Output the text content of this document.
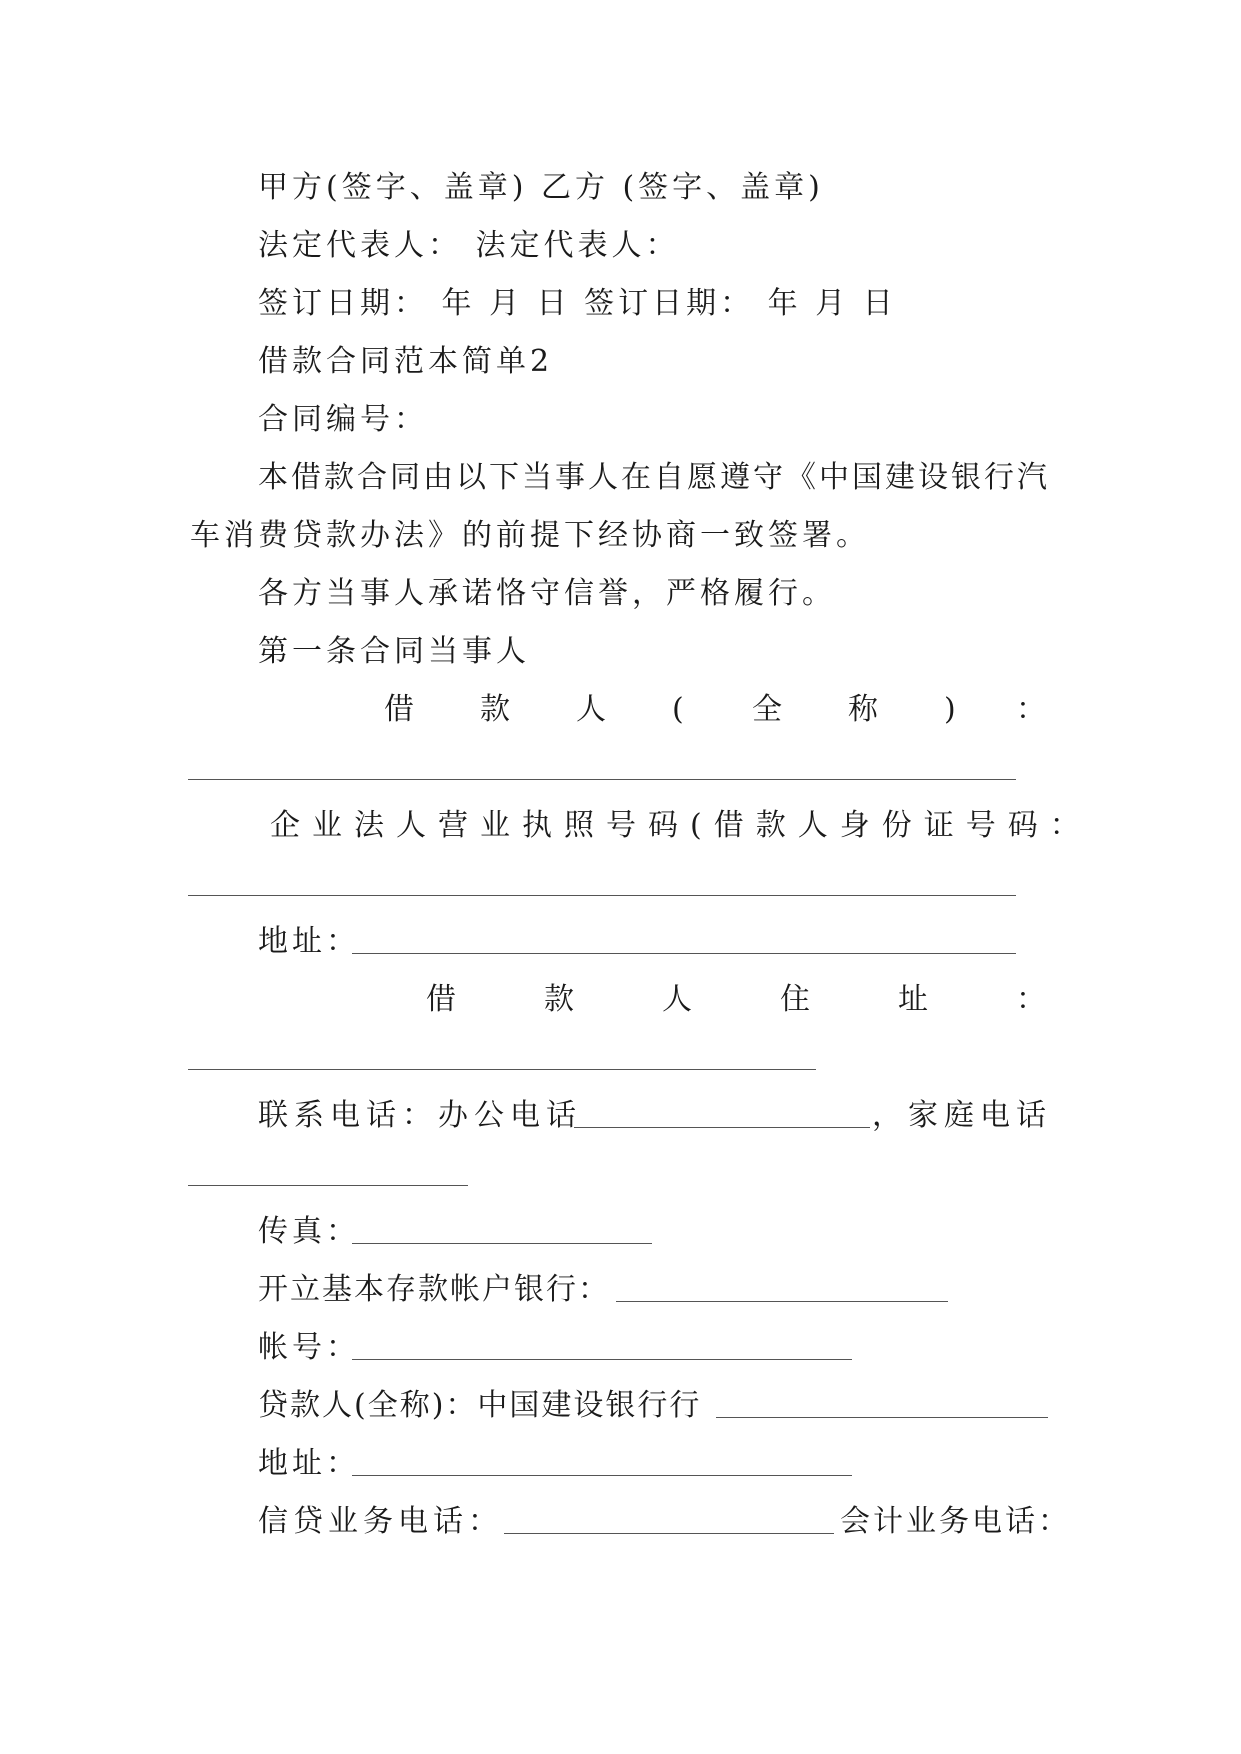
甲方(签字、盖章) 乙方 (签字、盖章)
法定代表人： 法定代表人：
签订日期： 年 月 日 签订日期： 年 月 日
借款合同范本简单2
合同编号：
本借款合同由以下当事人在自愿遵守《中国建设银行汽
车消费贷款办法》的前提下经协商一致签署。
各方当事人承诺恪守信誉，严格履行。
第一条合同当事人
借 款 人 ( 全 称 ) ：
企业法人营业执照号码(借款人身份证号码：
地址：
借	款	人	住	址	：
联系电话：办公电话	，家庭电话
传真：
开立基本存款帐户银行：
帐号：
贷款人(全称)：中国建设银行行
地址：
信贷业务电话：	会计业务电话：
